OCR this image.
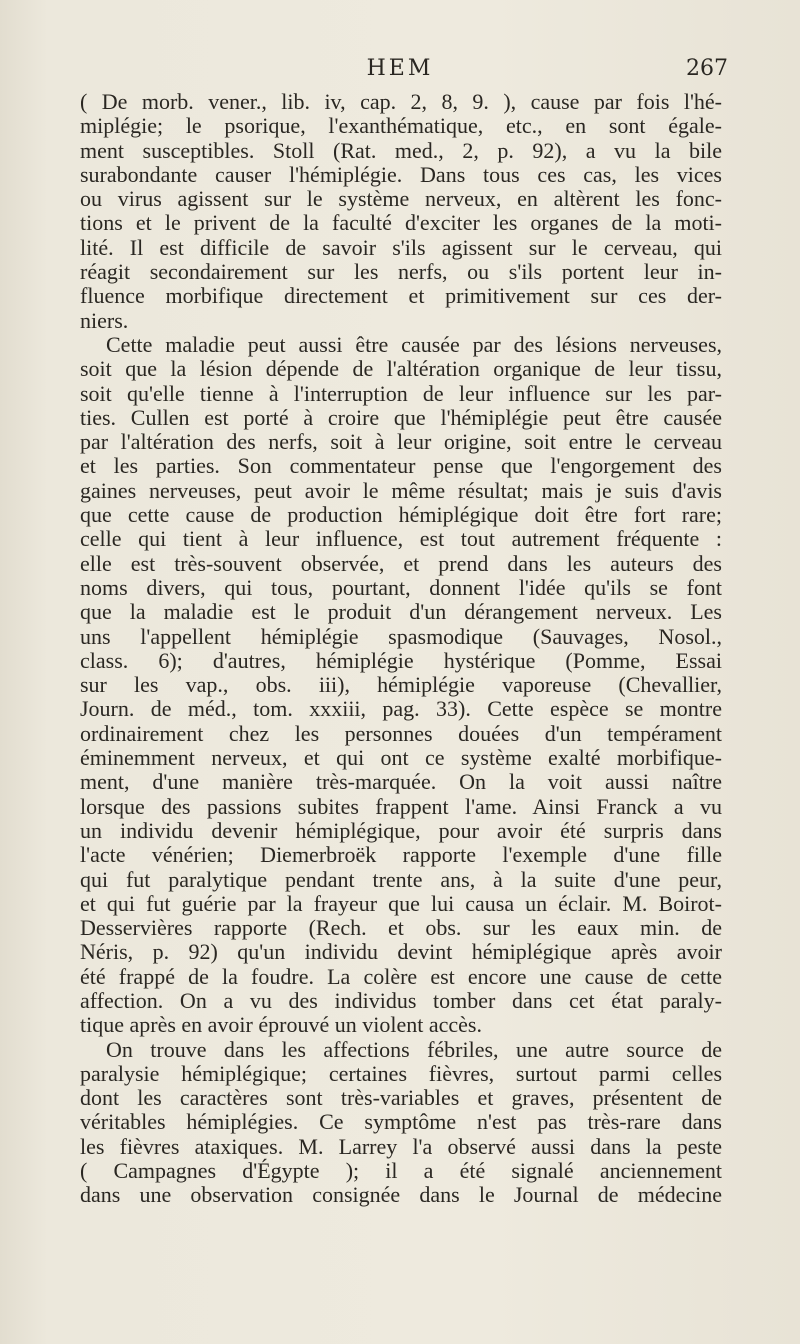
HEM	267
( De morb. vener., lib. iv, cap. 2, 8, 9. ), cause par fois l'hé-
miplégie; le psorique, l'exanthématique, etc., en sont égale-
ment susceptibles. Stoll (Rat. med., 2, p. 92), a vu la bile
surabondante causer l'hémiplégie. Dans tous ces cas, les vices
ou virus agissent sur le système nerveux, en altèrent les fonc-
tions et le privent de la faculté d'exciter les organes de la moti-
lité. Il est difficile de savoir s'ils agissent sur le cerveau, qui
réagit secondairement sur les nerfs, ou s'ils portent leur in-
fluence morbifique directement et primitivement sur ces der-
niers.
Cette maladie peut aussi être causée par des lésions nerveuses,
soit que la lésion dépende de l'altération organique de leur tissu,
soit qu'elle tienne à l'interruption de leur influence sur les par-
ties. Cullen est porté à croire que l'hémiplégie peut être causée
par l'altération des nerfs, soit à leur origine, soit entre le cerveau
et les parties. Son commentateur pense que l'engorgement des
gaines nerveuses, peut avoir le même résultat; mais je suis d'avis
que cette cause de production hémiplégique doit être fort rare;
celle qui tient à leur influence, est tout autrement fréquente :
elle est très-souvent observée, et prend dans les auteurs des
noms divers, qui tous, pourtant, donnent l'idée qu'ils se font
que la maladie est le produit d'un dérangement nerveux. Les
uns l'appellent hémiplégie spasmodique (Sauvages, Nosol.,
class. 6); d'autres, hémiplégie hystérique (Pomme, Essai
sur les vap., obs. iii), hémiplégie vaporeuse (Chevallier,
Journ. de méd., tom. xxxiii, pag. 33). Cette espèce se montre
ordinairement chez les personnes douées d'un tempérament
éminemment nerveux, et qui ont ce système exalté morbifique-
ment, d'une manière très-marquée. On la voit aussi naître
lorsque des passions subites frappent l'ame. Ainsi Franck a vu
un individu devenir hémiplégique, pour avoir été surpris dans
l'acte vénérien; Diemerbroëk rapporte l'exemple d'une fille
qui fut paralytique pendant trente ans, à la suite d'une peur,
et qui fut guérie par la frayeur que lui causa un éclair. M. Boirot-
Desservières rapporte (Rech. et obs. sur les eaux min. de
Néris, p. 92) qu'un individu devint hémiplégique après avoir
été frappé de la foudre. La colère est encore une cause de cette
affection. On a vu des individus tomber dans cet état paraly-
tique après en avoir éprouvé un violent accès.
On trouve dans les affections fébriles, une autre source de
paralysie hémiplégique; certaines fièvres, surtout parmi celles
dont les caractères sont très-variables et graves, présentent de
véritables hémiplégies. Ce symptôme n'est pas très-rare dans
les fièvres ataxiques. M. Larrey l'a observé aussi dans la peste
( Campagnes d'Égypte ); il a été signalé anciennement
dans une observation consignée dans le Journal de médecine
